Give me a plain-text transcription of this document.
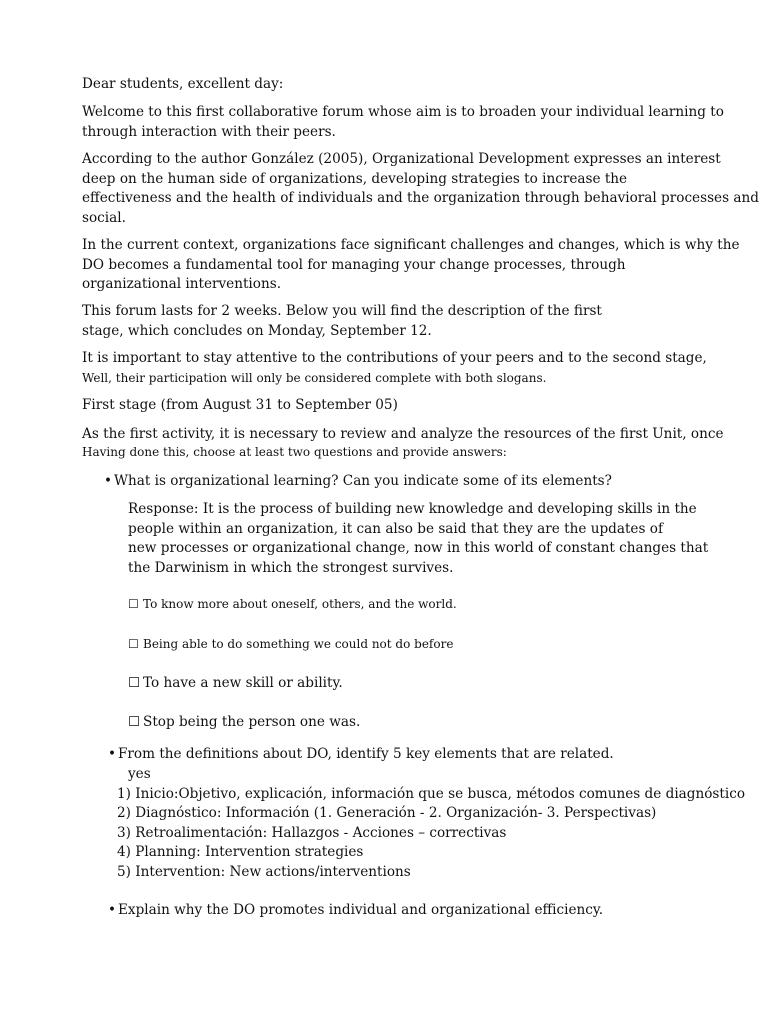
Dear students, excellent day:

Welcome to this first collaborative forum whose aim is to broaden your individual learning to
through interaction with their peers.

According to the author González (2005), Organizational Development expresses an interest
deep on the human side of organizations, developing strategies to increase the
effectiveness and the health of individuals and the organization through behavioral processes and
social.

In the current context, organizations face significant challenges and changes, which is why the
DO becomes a fundamental tool for managing your change processes, through
organizational interventions.

This forum lasts for 2 weeks. Below you will find the description of the first
stage, which concludes on Monday, September 12.

It is important to stay attentive to the contributions of your peers and to the second stage,
Well, their participation will only be considered complete with both slogans.

First stage (from August 31 to September 05)

As the first activity, it is necessary to review and analyze the resources of the first Unit, once
Having done this, choose at least two questions and provide answers:

• What is organizational learning? Can you indicate some of its elements?

Response: It is the process of building new knowledge and developing skills in the
people within an organization, it can also be said that they are the updates of
new processes or organizational change, now in this world of constant changes that
the Darwinism in which the strongest survives.

☐ To know more about oneself, others, and the world.

☐ Being able to do something we could not do before

☐ To have a new skill or ability.

☐ Stop being the person one was.

• From the definitions about DO, identify 5 key elements that are related.

yes
1) Inicio:Objetivo, explicación, información que se busca, métodos comunes de diagnóstico
2) Diagnóstico: Información (1. Generación - 2. Organización- 3. Perspectivas)
3) Retroalimentación: Hallazgos - Acciones – correctivas
4) Planning: Intervention strategies
5) Intervention: New actions/interventions

• Explain why the DO promotes individual and organizational efficiency.
